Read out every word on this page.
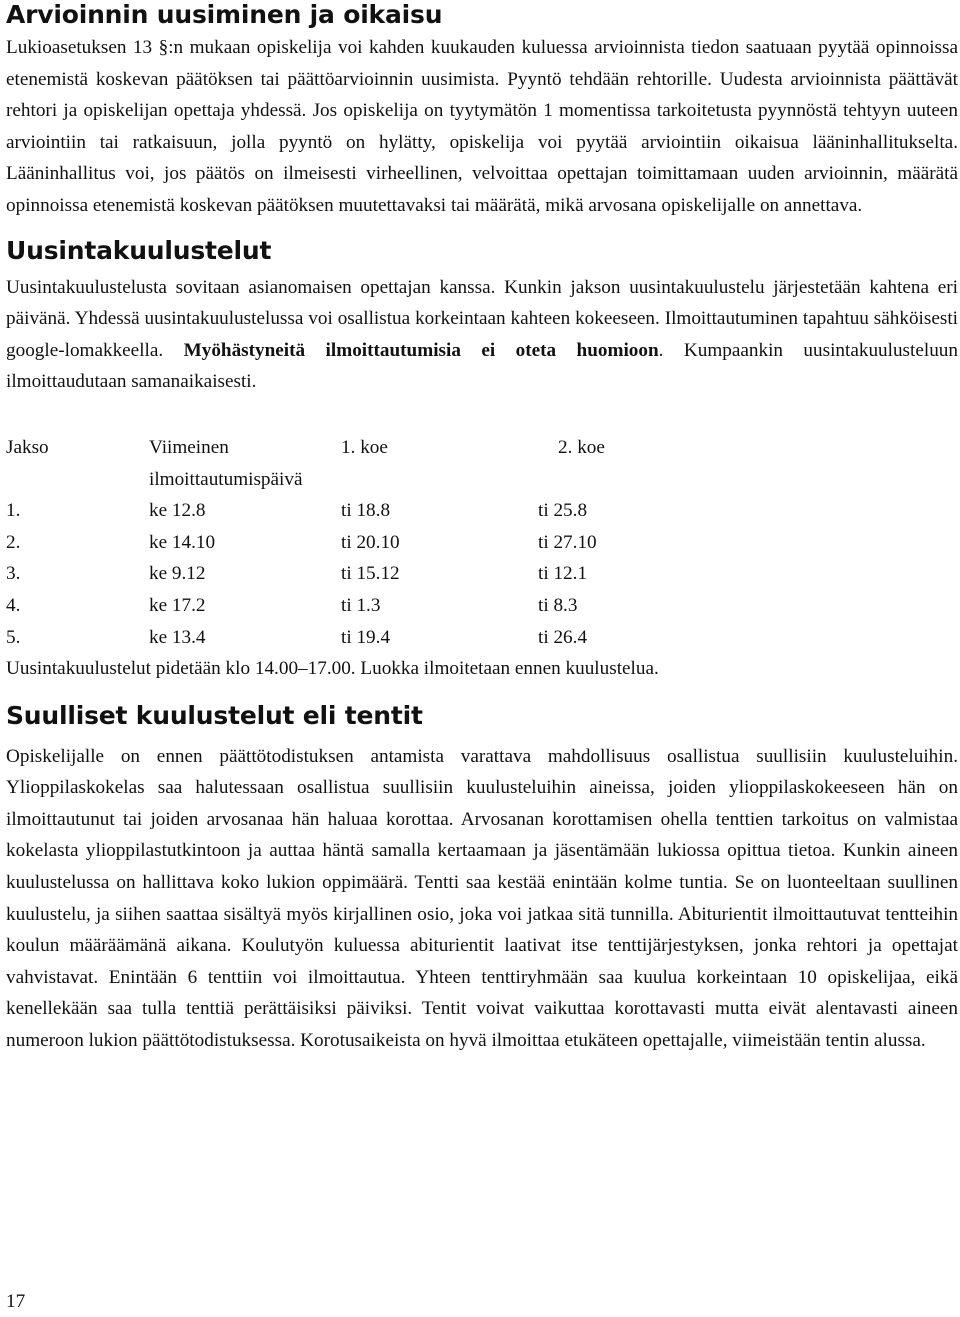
Arvioinnin uusiminen ja oikaisu

Lukioasetuksen 13 §:n mukaan opiskelija voi kahden kuukauden kuluessa arvioinnista tiedon saatuaan pyytää opinnoissa etenemistä koskevan päätöksen tai päättöarvioinnin uusimista. Pyyntö tehdään rehtorille. Uudesta arvioinnista päättävät rehtori ja opiskelijan opettaja yhdessä. Jos opiskelija on tyytymätön 1 momentissa tarkoitetusta pyynnöstä tehtyyn uuteen arviointiin tai ratkaisuun, jolla pyyntö on hylätty, opiskelija voi pyytää arviointiin oikaisua lääninhallitukselta. Lääninhallitus voi, jos päätös on ilmeisesti virheellinen, velvoittaa opettajan toimittamaan uuden arvioinnin, määrätä opinnoissa etenemistä koskevan päätöksen muutettavaksi tai määrätä, mikä arvosana opiskelijalle on annettava.

Uusintakuulustelut

Uusintakuulustelusta sovitaan asianomaisen opettajan kanssa. Kunkin jakson uusintakuulustelu järjestetään kahtena eri päivänä. Yhdessä uusintakuulustelussa voi osallistua korkeintaan kahteen kokeeseen. Ilmoittautuminen tapahtuu sähköisesti google-lomakkeella. Myöhästyneitä ilmoittautumisia ei oteta huomioon. Kumpaankin uusintakuulusteluun ilmoittaudutaan samanaikaisesti.

Jakso	Viimeinen ilmoittautumispäivä	1. koe	2. koe
1.	ke 12.8	ti 18.8	ti 25.8
2.	ke 14.10	ti 20.10	ti 27.10
3.	ke 9.12	ti 15.12	ti 12.1
4.	ke 17.2	ti 1.3	ti 8.3
5.	ke 13.4	ti 19.4	ti 26.4

Uusintakuulustelut pidetään klo 14.00–17.00. Luokka ilmoitetaan ennen kuulustelua.

Suulliset kuulustelut eli tentit

Opiskelijalle on ennen päättötodistuksen antamista varattava mahdollisuus osallistua suullisiin kuulusteluihin. Ylioppilaskokelas saa halutessaan osallistua suullisiin kuulusteluihin aineissa, joiden ylioppilaskokeeseen hän on ilmoittautunut tai joiden arvosanaa hän haluaa korottaa. Arvosanan korottamisen ohella tenttien tarkoitus on valmistaa kokelasta ylioppilastutkintoon ja auttaa häntä samalla kertaamaan ja jäsentämään lukiossa opittua tietoa. Kunkin aineen kuulustelussa on hallittava koko lukion oppimäärä. Tentti saa kestää enintään kolme tuntia. Se on luonteeltaan suullinen kuulustelu, ja siihen saattaa sisältyä myös kirjallinen osio, joka voi jatkaa sitä tunnilla. Abiturientit ilmoittautuvat tentteihin koulun määräämänä aikana. Koulutyön kuluessa abiturientit laativat itse tenttijärjestyksen, jonka rehtori ja opettajat vahvistavat. Enintään 6 tenttiin voi ilmoittautua. Yhteen tenttiryhmään saa kuulua korkeintaan 10 opiskelijaa, eikä kenellekään saa tulla tenttiä perättäisiksi päiviksi. Tentit voivat vaikuttaa korottavasti mutta eivät alentavasti aineen numeroon lukion päättötodistuksessa. Korotusaikeista on hyvä ilmoittaa etukäteen opettajalle, viimeistään tentin alussa.

17
